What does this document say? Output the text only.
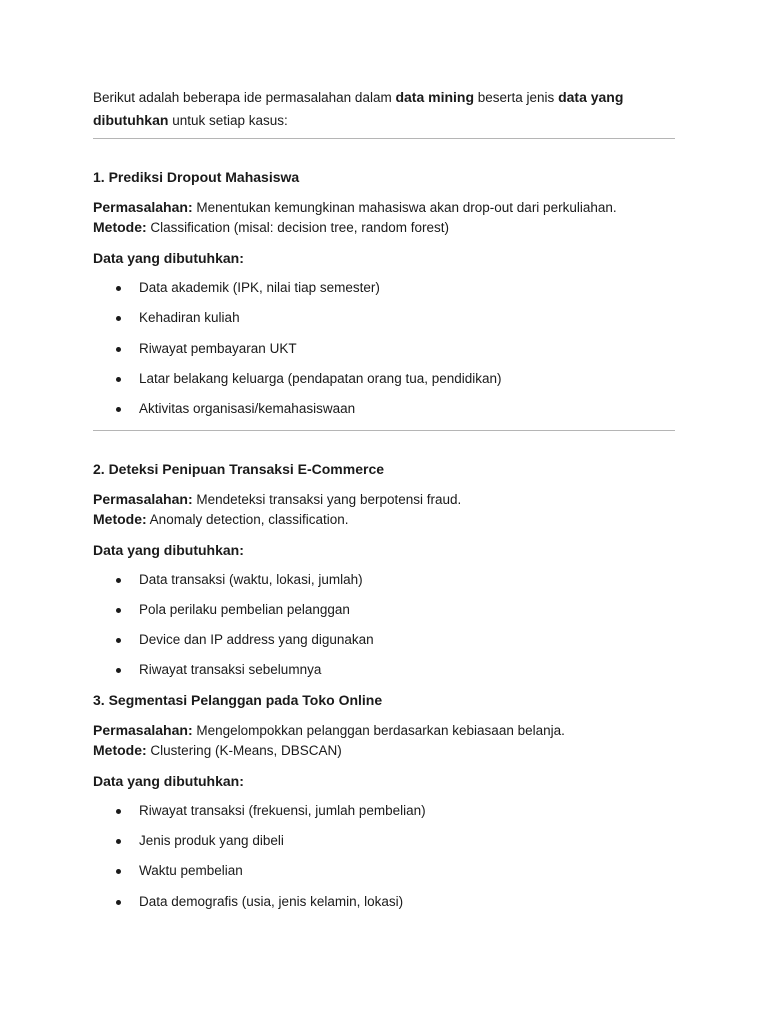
Berikut adalah beberapa ide permasalahan dalam data mining beserta jenis data yang dibutuhkan untuk setiap kasus:

1. Prediksi Dropout Mahasiswa

Permasalahan: Menentukan kemungkinan mahasiswa akan drop-out dari perkuliahan.

Metode: Classification (misal: decision tree, random forest)

Data yang dibutuhkan:

Data akademik (IPK, nilai tiap semester)
Kehadiran kuliah
Riwayat pembayaran UKT
Latar belakang keluarga (pendapatan orang tua, pendidikan)
Aktivitas organisasi/kemahasiswaan

2. Deteksi Penipuan Transaksi E-Commerce

Permasalahan: Mendeteksi transaksi yang berpotensi fraud.

Metode: Anomaly detection, classification.

Data yang dibutuhkan:

Data transaksi (waktu, lokasi, jumlah)
Pola perilaku pembelian pelanggan
Device dan IP address yang digunakan
Riwayat transaksi sebelumnya

3. Segmentasi Pelanggan pada Toko Online

Permasalahan: Mengelompokkan pelanggan berdasarkan kebiasaan belanja.

Metode: Clustering (K-Means, DBSCAN)

Data yang dibutuhkan:

Riwayat transaksi (frekuensi, jumlah pembelian)
Jenis produk yang dibeli
Waktu pembelian
Data demografis (usia, jenis kelamin, lokasi)
